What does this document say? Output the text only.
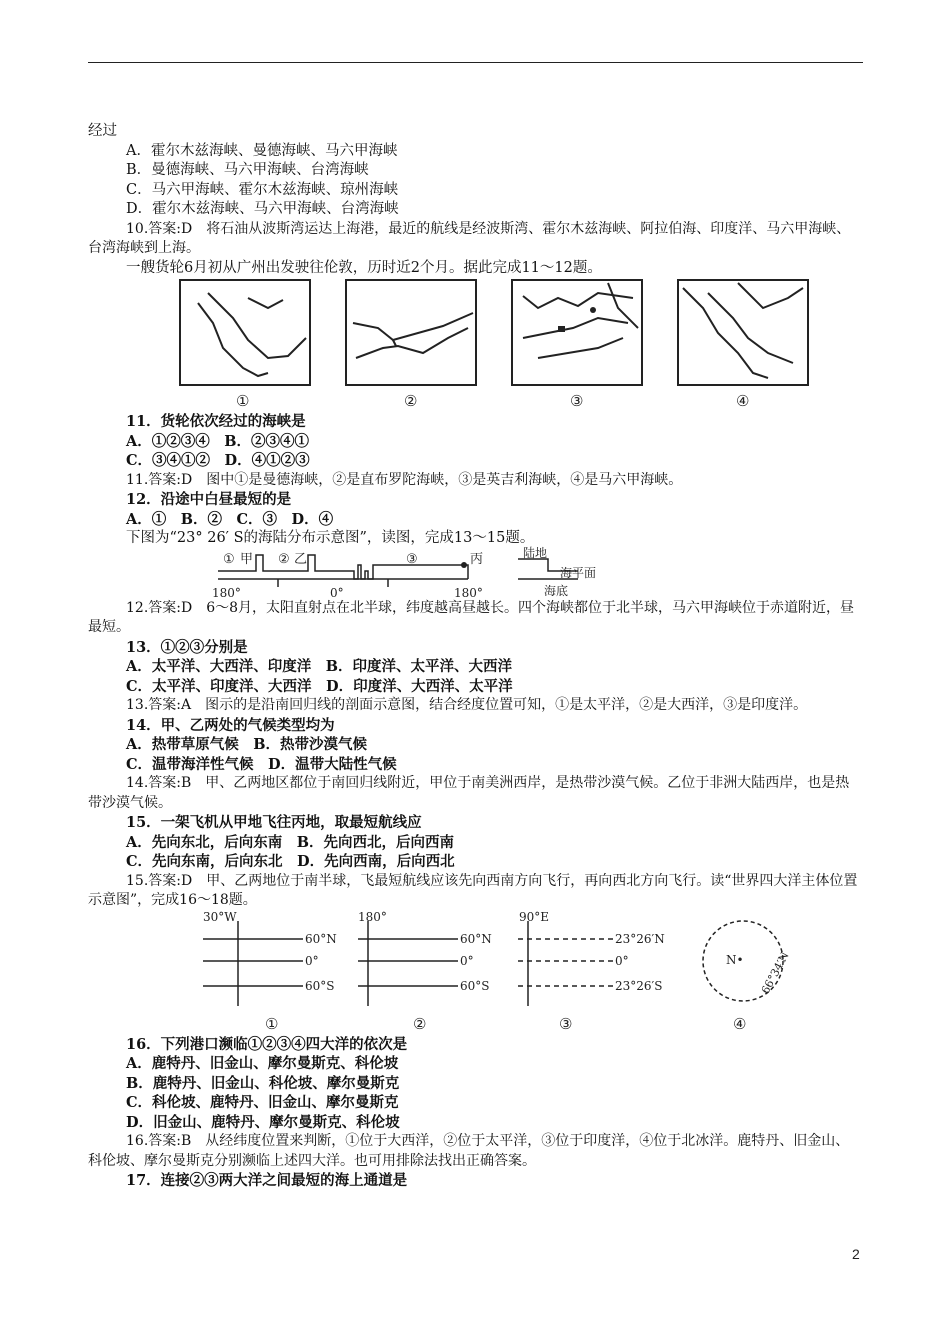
经过
A．霍尔木兹海峡、曼德海峡、马六甲海峡
B．曼德海峡、马六甲海峡、台湾海峡
C．马六甲海峡、霍尔木兹海峡、琼州海峡
D．霍尔木兹海峡、马六甲海峡、台湾海峡
10.答案:D　将石油从波斯湾运达上海港，最近的航线是经波斯湾、霍尔木兹海峡、阿拉伯海、印度洋、马六甲海峡、台湾海峡到上海。
一艘货轮6月初从广州出发驶往伦敦，历时近2个月。据此完成11～12题。
①	②	③	④
11．货轮依次经过的海峡是
A．①②③④　B．②③④①
C．③④①②　D．④①②③
11.答案:D　图中①是曼德海峡，②是直布罗陀海峡，③是英吉利海峡，④是马六甲海峡。
12．沿途中白昼最短的是
A．①　B．②　C．③　D．④
下图为“23° 26′ S的海陆分布示意图”，读图，完成13～15题。
① 甲 ② 乙	③	丙
180°	0°	180°
陆地
海平面
海底
12.答案:D　6～8月，太阳直射点在北半球，纬度越高昼越长。四个海峡都位于北半球，马六甲海峡位于赤道附近，昼最短。
13．①②③分别是
A．太平洋、大西洋、印度洋　B．印度洋、太平洋、大西洋
C．太平洋、印度洋、大西洋　D．印度洋、大西洋、太平洋
13.答案:A　图示的是沿南回归线的剖面示意图，结合经度位置可知，①是太平洋，②是大西洋，③是印度洋。
14．甲、乙两处的气候类型均为
A．热带草原气候　B．热带沙漠气候
C．温带海洋性气候　D．温带大陆性气候
14.答案:B　甲、乙两地区都位于南回归线附近，甲位于南美洲西岸，是热带沙漠气候。乙位于非洲大陆西岸，也是热带沙漠气候。
15．一架飞机从甲地飞往丙地，取最短航线应
A．先向东北，后向东南　B．先向西北，后向西南
C．先向东南，后向东北　D．先向西南，后向西北
15.答案:D　甲、乙两地位于南半球，飞最短航线应该先向西南方向飞行，再向西北方向飞行。读“世界四大洋主体位置示意图”，完成16～18题。
30°W	180°	90°E
60°N
0°
60°S
60°N
0°
60°S
23°26′N
0°
23°26′S
N• 66°34′N
①	②	③	④
16．下列港口濒临①②③④四大洋的依次是
A．鹿特丹、旧金山、摩尔曼斯克、科伦坡
B．鹿特丹、旧金山、科伦坡、摩尔曼斯克
C．科伦坡、鹿特丹、旧金山、摩尔曼斯克
D．旧金山、鹿特丹、摩尔曼斯克、科伦坡
16.答案:B　从经纬度位置来判断，①位于大西洋，②位于太平洋，③位于印度洋，④位于北冰洋。鹿特丹、旧金山、科伦坡、摩尔曼斯克分别濒临上述四大洋。也可用排除法找出正确答案。
17．连接②③两大洋之间最短的海上通道是
2
